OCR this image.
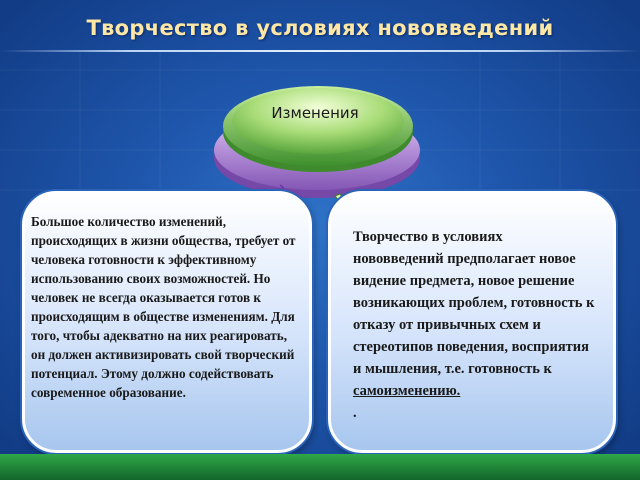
Творчество в условиях нововведений
Изменения

Большое количество изменений, происходящих в жизни общества, требует от человека готовности к эффективному использованию своих возможностей. Но человек не всегда оказывается готов к происходящим в обществе изменениям. Для того, чтобы адекватно на них реагировать, он должен активизировать свой творческий потенциал. Этому должно содействовать современное образование.

Творчество в условиях нововведений предполагает новое видение предмета, новое решение возникающих проблем, готовность к отказу от привычных схем и стереотипов поведения, восприятия и мышления, т.е. готовность к самоизменению.

.
